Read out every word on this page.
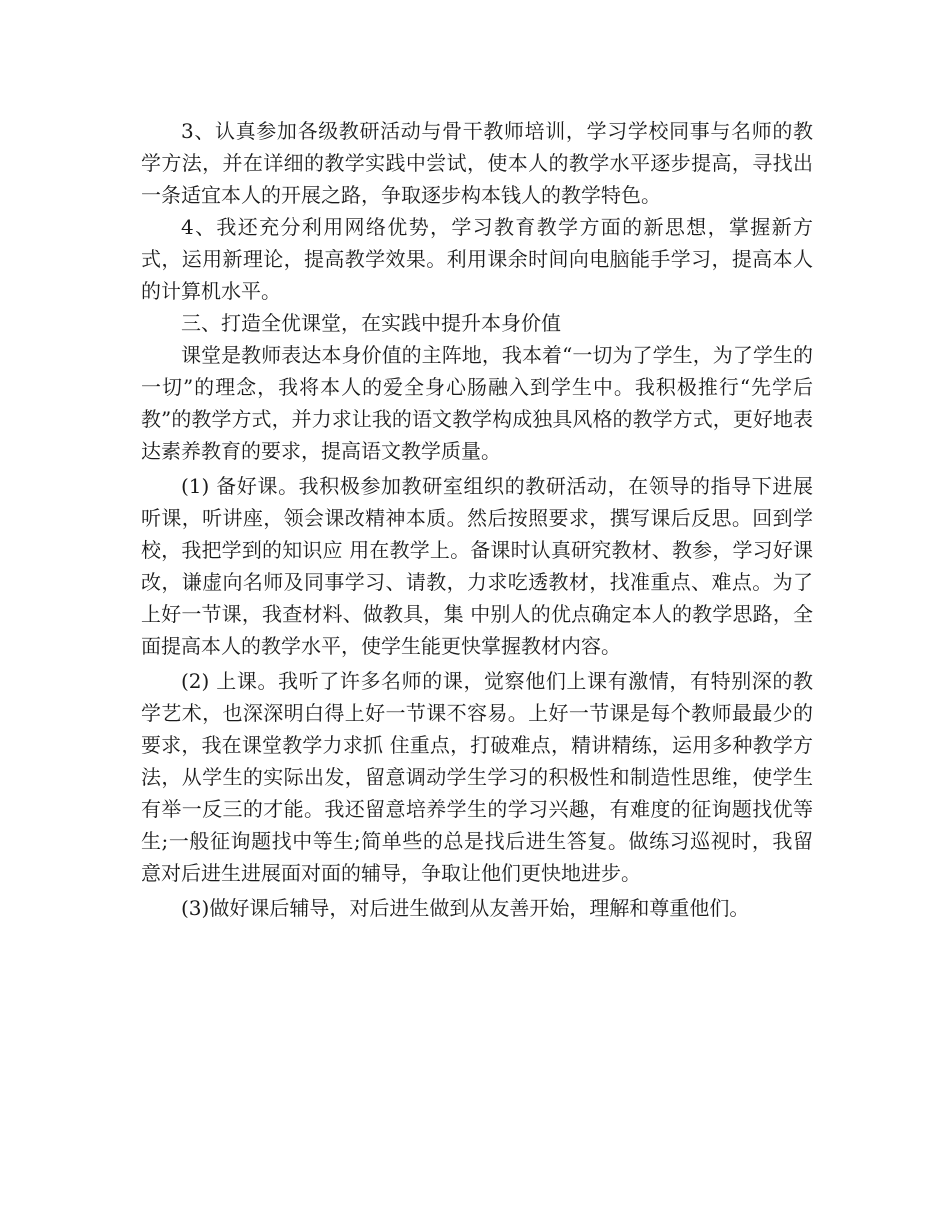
3、认真参加各级教研活动与骨干教师培训，学习学校同事与名师的教学方法，并在详细的教学实践中尝试，使本人的教学水平逐步提高，寻找出一条适宜本人的开展之路，争取逐步构本钱人的教学特色。

4、我还充分利用网络优势，学习教育教学方面的新思想，掌握新方式，运用新理论，提高教学效果。利用课余时间向电脑能手学习，提高本人的计算机水平。

三、打造全优课堂，在实践中提升本身价值

课堂是教师表达本身价值的主阵地，我本着“一切为了学生，为了学生的一切”的理念，我将本人的爱全身心肠融入到学生中。我积极推行“先学后教”的教学方式，并力求让我的语文教学构成独具风格的教学方式，更好地表达素养教育的要求，提高语文教学质量。

(1) 备好课。我积极参加教研室组织的教研活动，在领导的指导下进展听课，听讲座，领会课改精神本质。然后按照要求，撰写课后反思。回到学校，我把学到的知识应 用在教学上。备课时认真研究教材、教参，学习好课改，谦虚向名师及同事学习、请教，力求吃透教材，找准重点、难点。为了上好一节课，我查材料、做教具，集 中别人的优点确定本人的教学思路，全面提高本人的教学水平，使学生能更快掌握教材内容。

(2) 上课。我听了许多名师的课，觉察他们上课有激情，有特别深的教学艺术，也深深明白得上好一节课不容易。上好一节课是每个教师最最少的要求，我在课堂教学力求抓 住重点，打破难点，精讲精练，运用多种教学方法，从学生的实际出发，留意调动学生学习的积极性和制造性思维，使学生有举一反三的才能。我还留意培养学生的学习兴趣，有难度的征询题找优等生;一般征询题找中等生;简单些的总是找后进生答复。做练习巡视时，我留意对后进生进展面对面的辅导，争取让他们更快地进步。

(3)做好课后辅导，对后进生做到从友善开始，理解和尊重他们。
